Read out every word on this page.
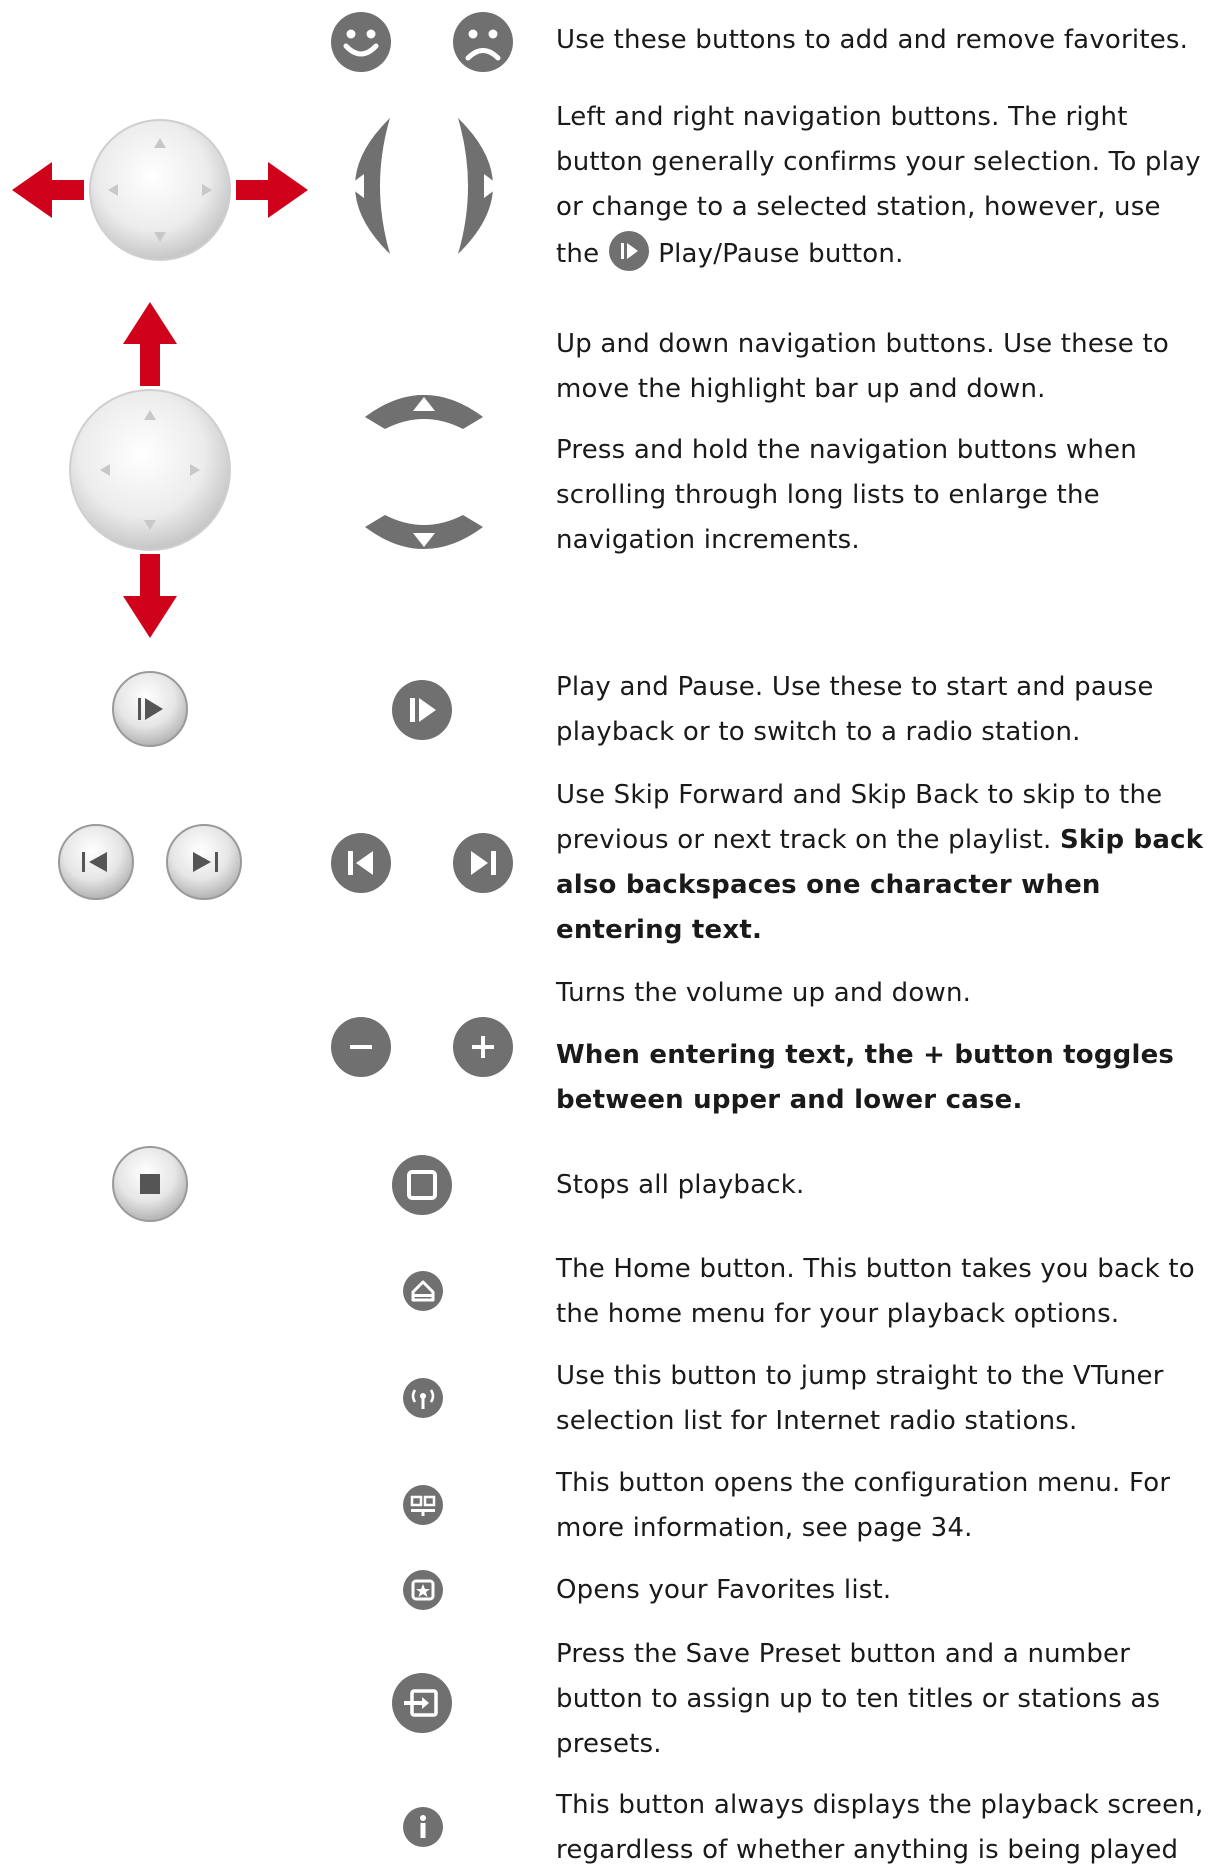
Use these buttons to add and remove favorites.
Left and right navigation buttons. The right button generally confirms your selection. To play or change to a selected station, however, use the Play/Pause button.
Up and down navigation buttons. Use these to move the highlight bar up and down.
Press and hold the navigation buttons when scrolling through long lists to enlarge the navigation increments.
Play and Pause. Use these to start and pause playback or to switch to a radio station.
Use Skip Forward and Skip Back to skip to the previous or next track on the playlist. Skip back also backspaces one character when entering text.
Turns the volume up and down.
When entering text, the + button toggles between upper and lower case.
Stops all playback.
The Home button. This button takes you back to the home menu for your playback options.
Use this button to jump straight to the VTuner selection list for Internet radio stations.
This button opens the configuration menu. For more information, see page 34.
Opens your Favorites list.
Press the Save Preset button and a number button to assign up to ten titles or stations as presets.
This button always displays the playback screen, regardless of whether anything is being played
